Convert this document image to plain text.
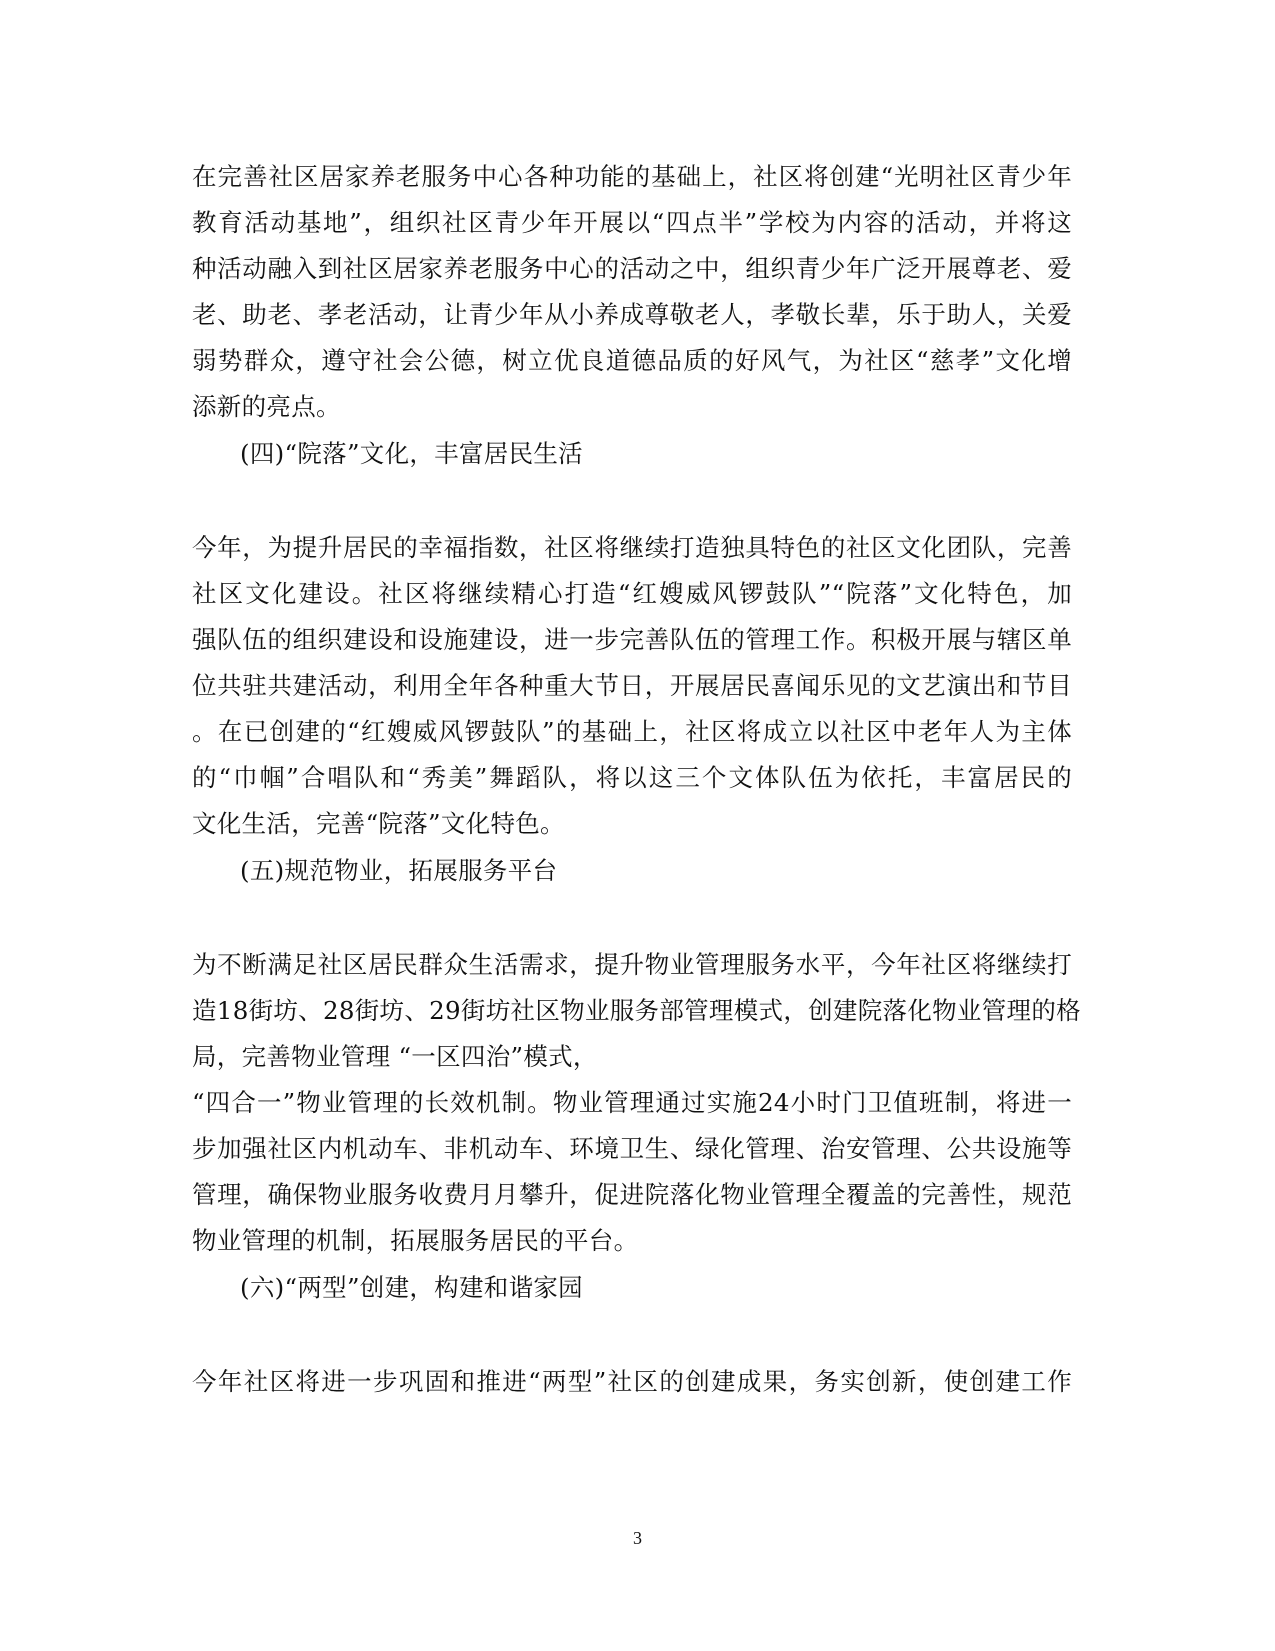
在完善社区居家养老服务中心各种功能的基础上，社区将创建“光明社区青少年

教育活动基地”，组织社区青少年开展以“四点半”学校为内容的活动，并将这

种活动融入到社区居家养老服务中心的活动之中，组织青少年广泛开展尊老、爱

老、助老、孝老活动，让青少年从小养成尊敬老人，孝敬长辈，乐于助人，关爱

弱势群众，遵守社会公德，树立优良道德品质的好风气，为社区“慈孝”文化增

添新的亮点。

(四)“院落”文化，丰富居民生活

今年，为提升居民的幸福指数，社区将继续打造独具特色的社区文化团队，完善

社区文化建设。社区将继续精心打造“红嫂威风锣鼓队”“院落”文化特色，加

强队伍的组织建设和设施建设，进一步完善队伍的管理工作。积极开展与辖区单

位共驻共建活动，利用全年各种重大节日，开展居民喜闻乐见的文艺演出和节目

。在已创建的“红嫂威风锣鼓队”的基础上，社区将成立以社区中老年人为主体

的“巾帼”合唱队和“秀美”舞蹈队，将以这三个文体队伍为依托，丰富居民的

文化生活，完善“院落”文化特色。

(五)规范物业，拓展服务平台

为不断满足社区居民群众生活需求，提升物业管理服务水平，今年社区将继续打

造18街坊、28街坊、29街坊社区物业服务部管理模式，创建院落化物业管理的格

局，完善物业管理 “一区四治”模式，

“四合一”物业管理的长效机制。物业管理通过实施24小时门卫值班制，将进一

步加强社区内机动车、非机动车、环境卫生、绿化管理、治安管理、公共设施等

管理，确保物业服务收费月月攀升，促进院落化物业管理全覆盖的完善性，规范

物业管理的机制，拓展服务居民的平台。

(六)“两型”创建，构建和谐家园

今年社区将进一步巩固和推进“两型”社区的创建成果，务实创新，使创建工作

3
